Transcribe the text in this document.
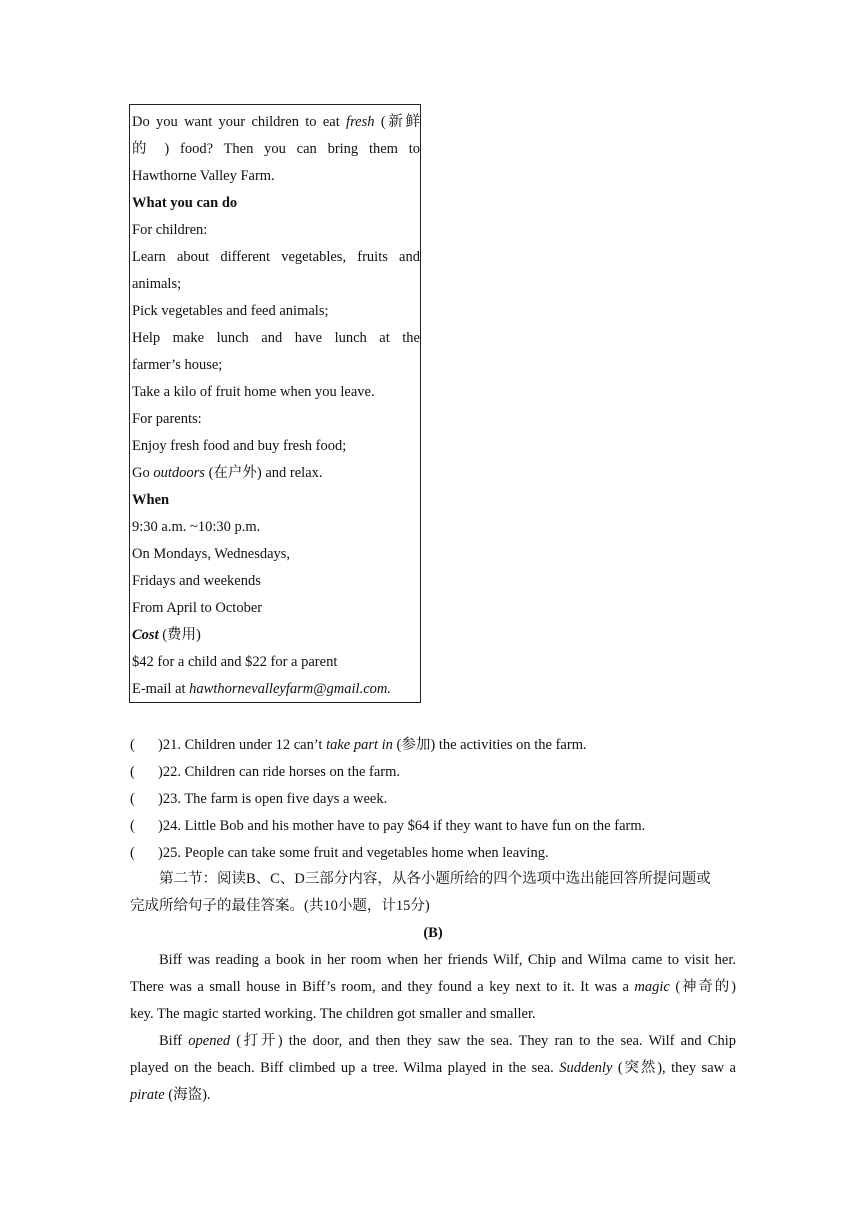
Do you want your children to eat fresh (新鲜
的 ) food? Then you can bring them to
Hawthorne Valley Farm.
What you can do
For children:
Learn about different vegetables, fruits and
animals;
Pick vegetables and feed animals;
Help make lunch and have lunch at the
farmer’s house;
Take a kilo of fruit home when you leave.
For parents:
Enjoy fresh food and buy fresh food;
Go outdoors (在户外) and relax.
When
9:30 a.m. ~10:30 p.m.
On Mondays, Wednesdays,
Fridays and weekends
From April to October
Cost (费用)
$42 for a child and $22 for a parent
E-mail at hawthornevalleyfarm@gmail.com.
(	)21. Children under 12 can’t take part in (参加) the activities on the farm.
(	)22. Children can ride horses on the farm.
(	)23. The farm is open five days a week.
(	)24. Little Bob and his mother have to pay $64 if they want to have fun on the farm.
(	)25. People can take some fruit and vegetables home when leaving.
第二节：阅读B、C、D三部分内容，从各小题所给的四个选项中选出能回答所提问题或
完成所给句子的最佳答案。(共10小题，计15分)
(B)
Biff was reading a book in her room when her friends Wilf, Chip and Wilma came to visit her.
There was a small house in Biff’s room, and they found a key next to it. It was a magic (神奇的)
key. The magic started working. The children got smaller and smaller.
Biff opened (打开) the door, and then they saw the sea. They ran to the sea. Wilf and Chip
played on the beach. Biff climbed up a tree. Wilma played in the sea. Suddenly (突然), they saw a
pirate (海盗).
